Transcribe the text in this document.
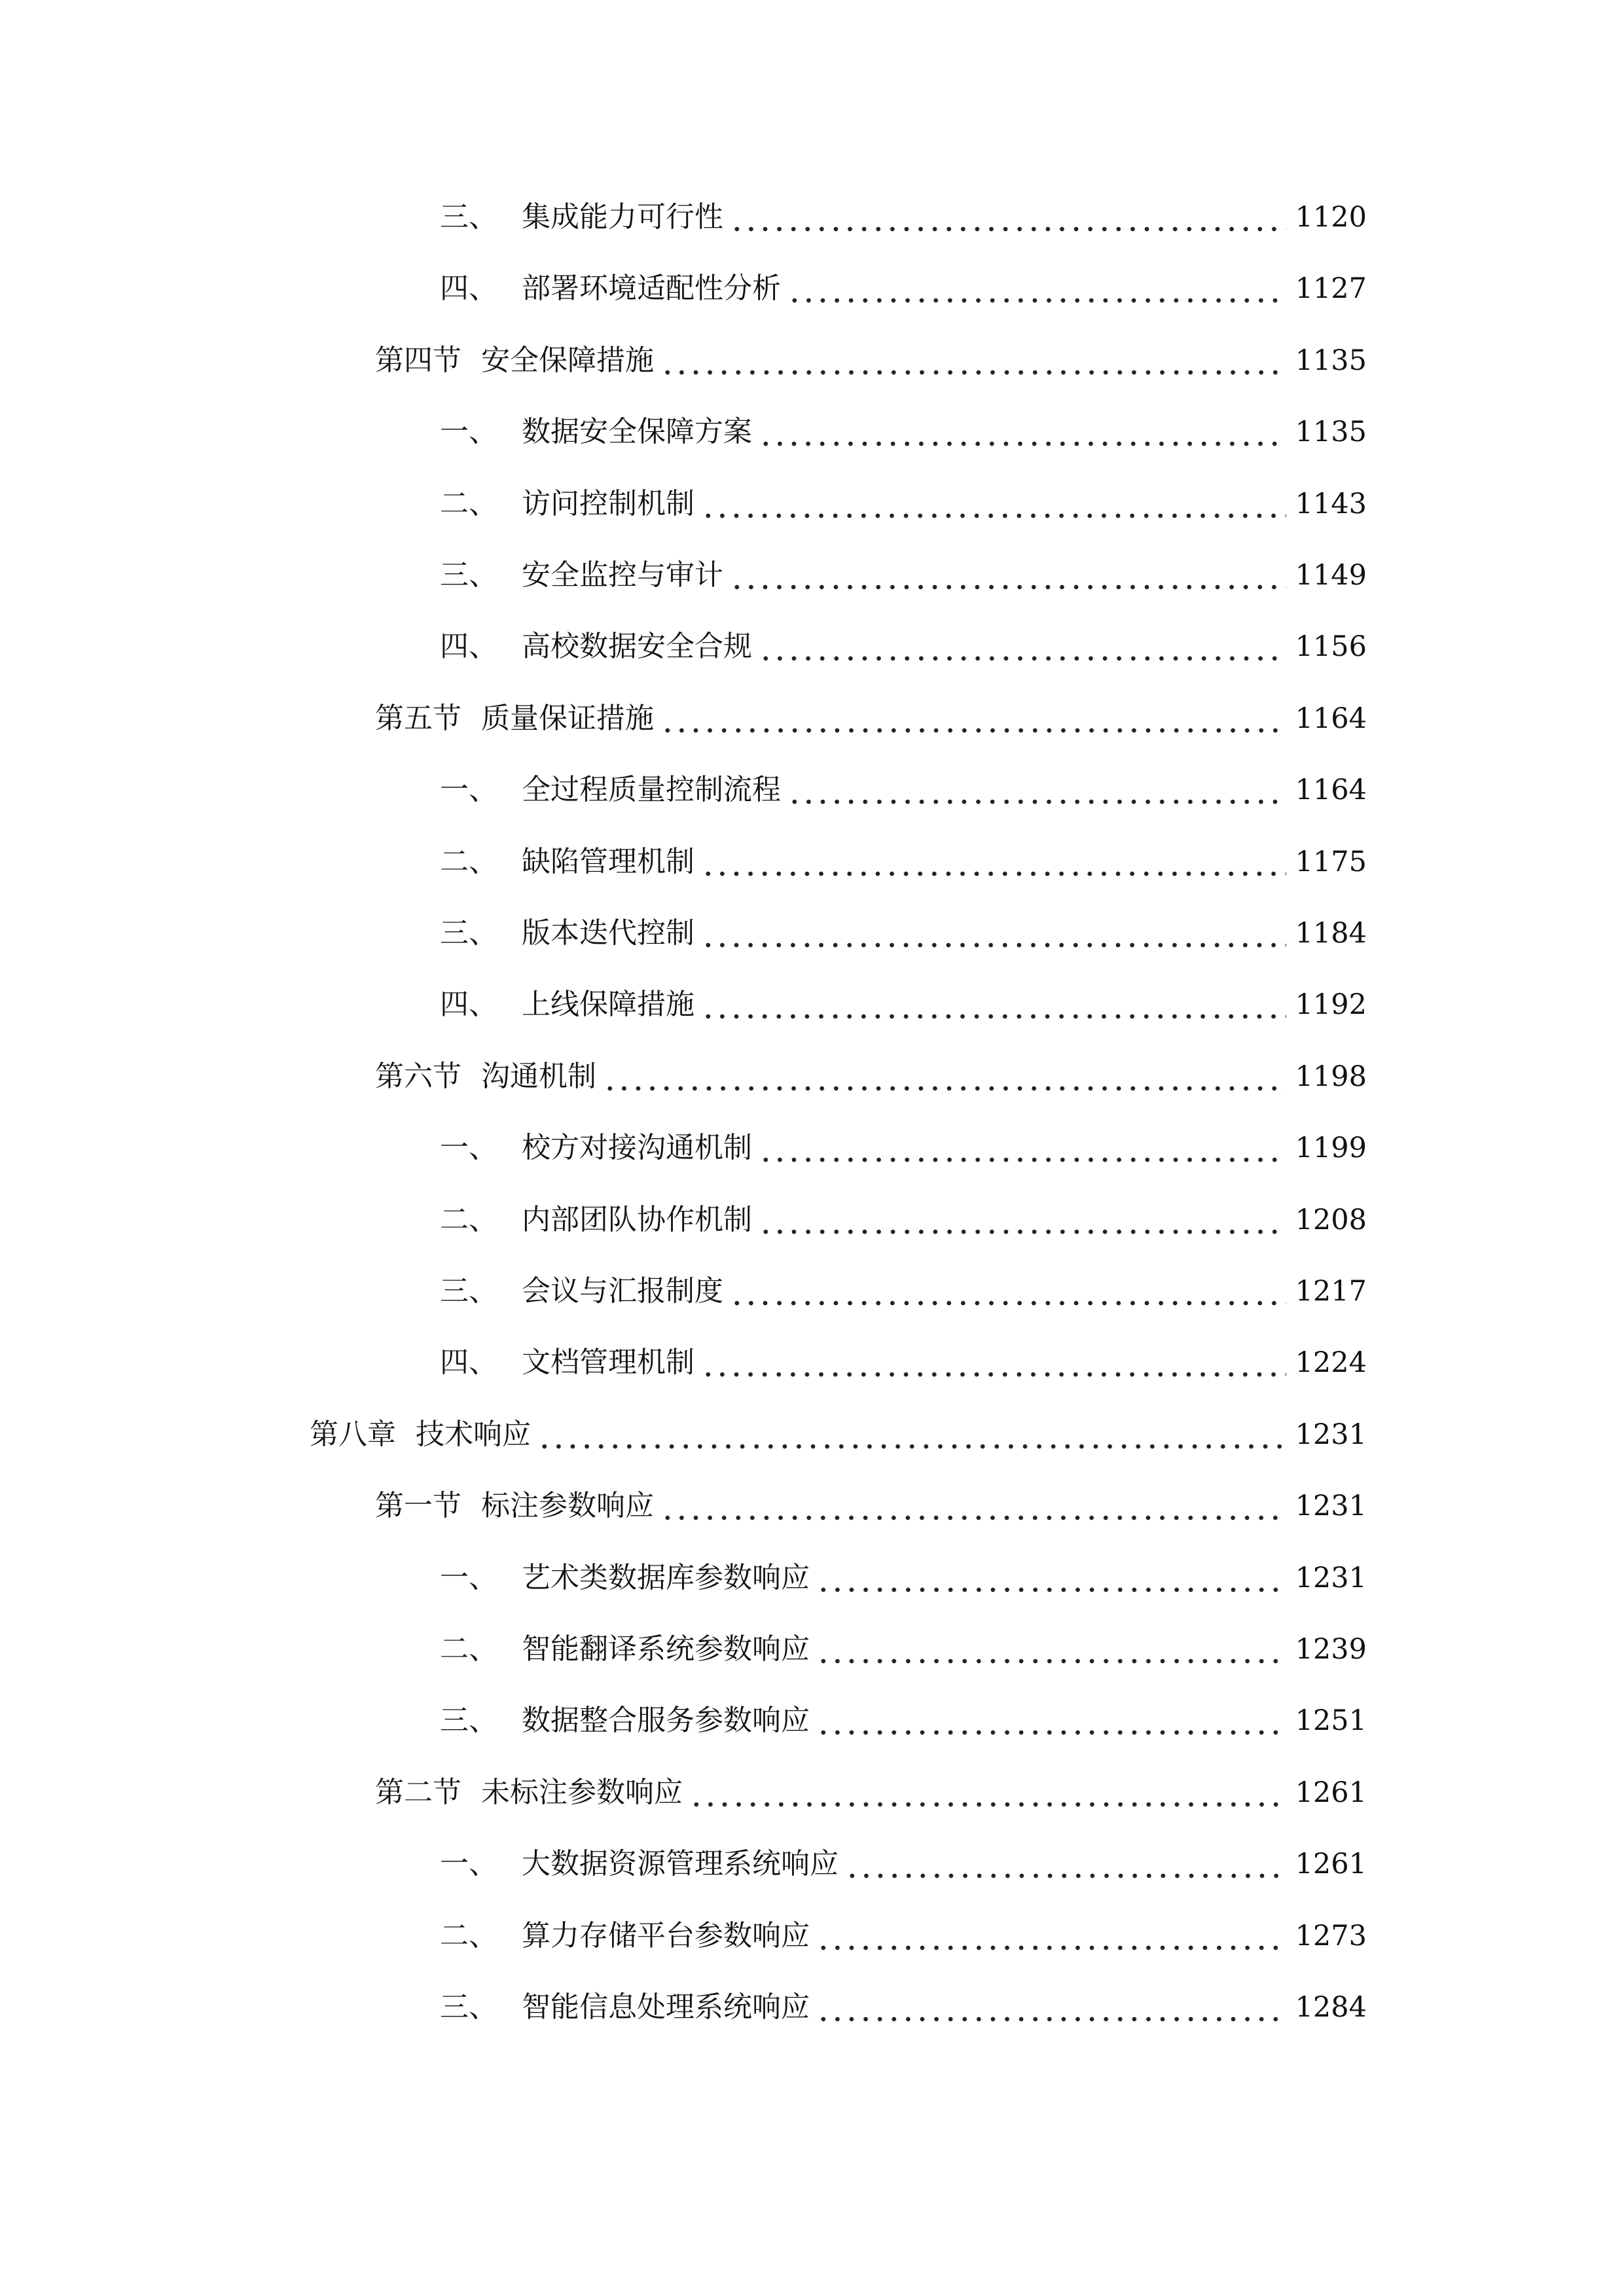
三、 集成能力可行性	1120
四、 部署环境适配性分析	1127
第四节 安全保障措施	1135
一、 数据安全保障方案	1135
二、 访问控制机制	1143
三、 安全监控与审计	1149
四、 高校数据安全合规	1156
第五节 质量保证措施	1164
一、 全过程质量控制流程	1164
二、 缺陷管理机制	1175
三、 版本迭代控制	1184
四、 上线保障措施	1192
第六节 沟通机制	1198
一、 校方对接沟通机制	1199
二、 内部团队协作机制	1208
三、 会议与汇报制度	1217
四、 文档管理机制	1224
第八章 技术响应	1231
第一节 标注参数响应	1231
一、 艺术类数据库参数响应	1231
二、 智能翻译系统参数响应	1239
三、 数据整合服务参数响应	1251
第二节 未标注参数响应	1261
一、 大数据资源管理系统响应	1261
二、 算力存储平台参数响应	1273
三、 智能信息处理系统响应	1284
